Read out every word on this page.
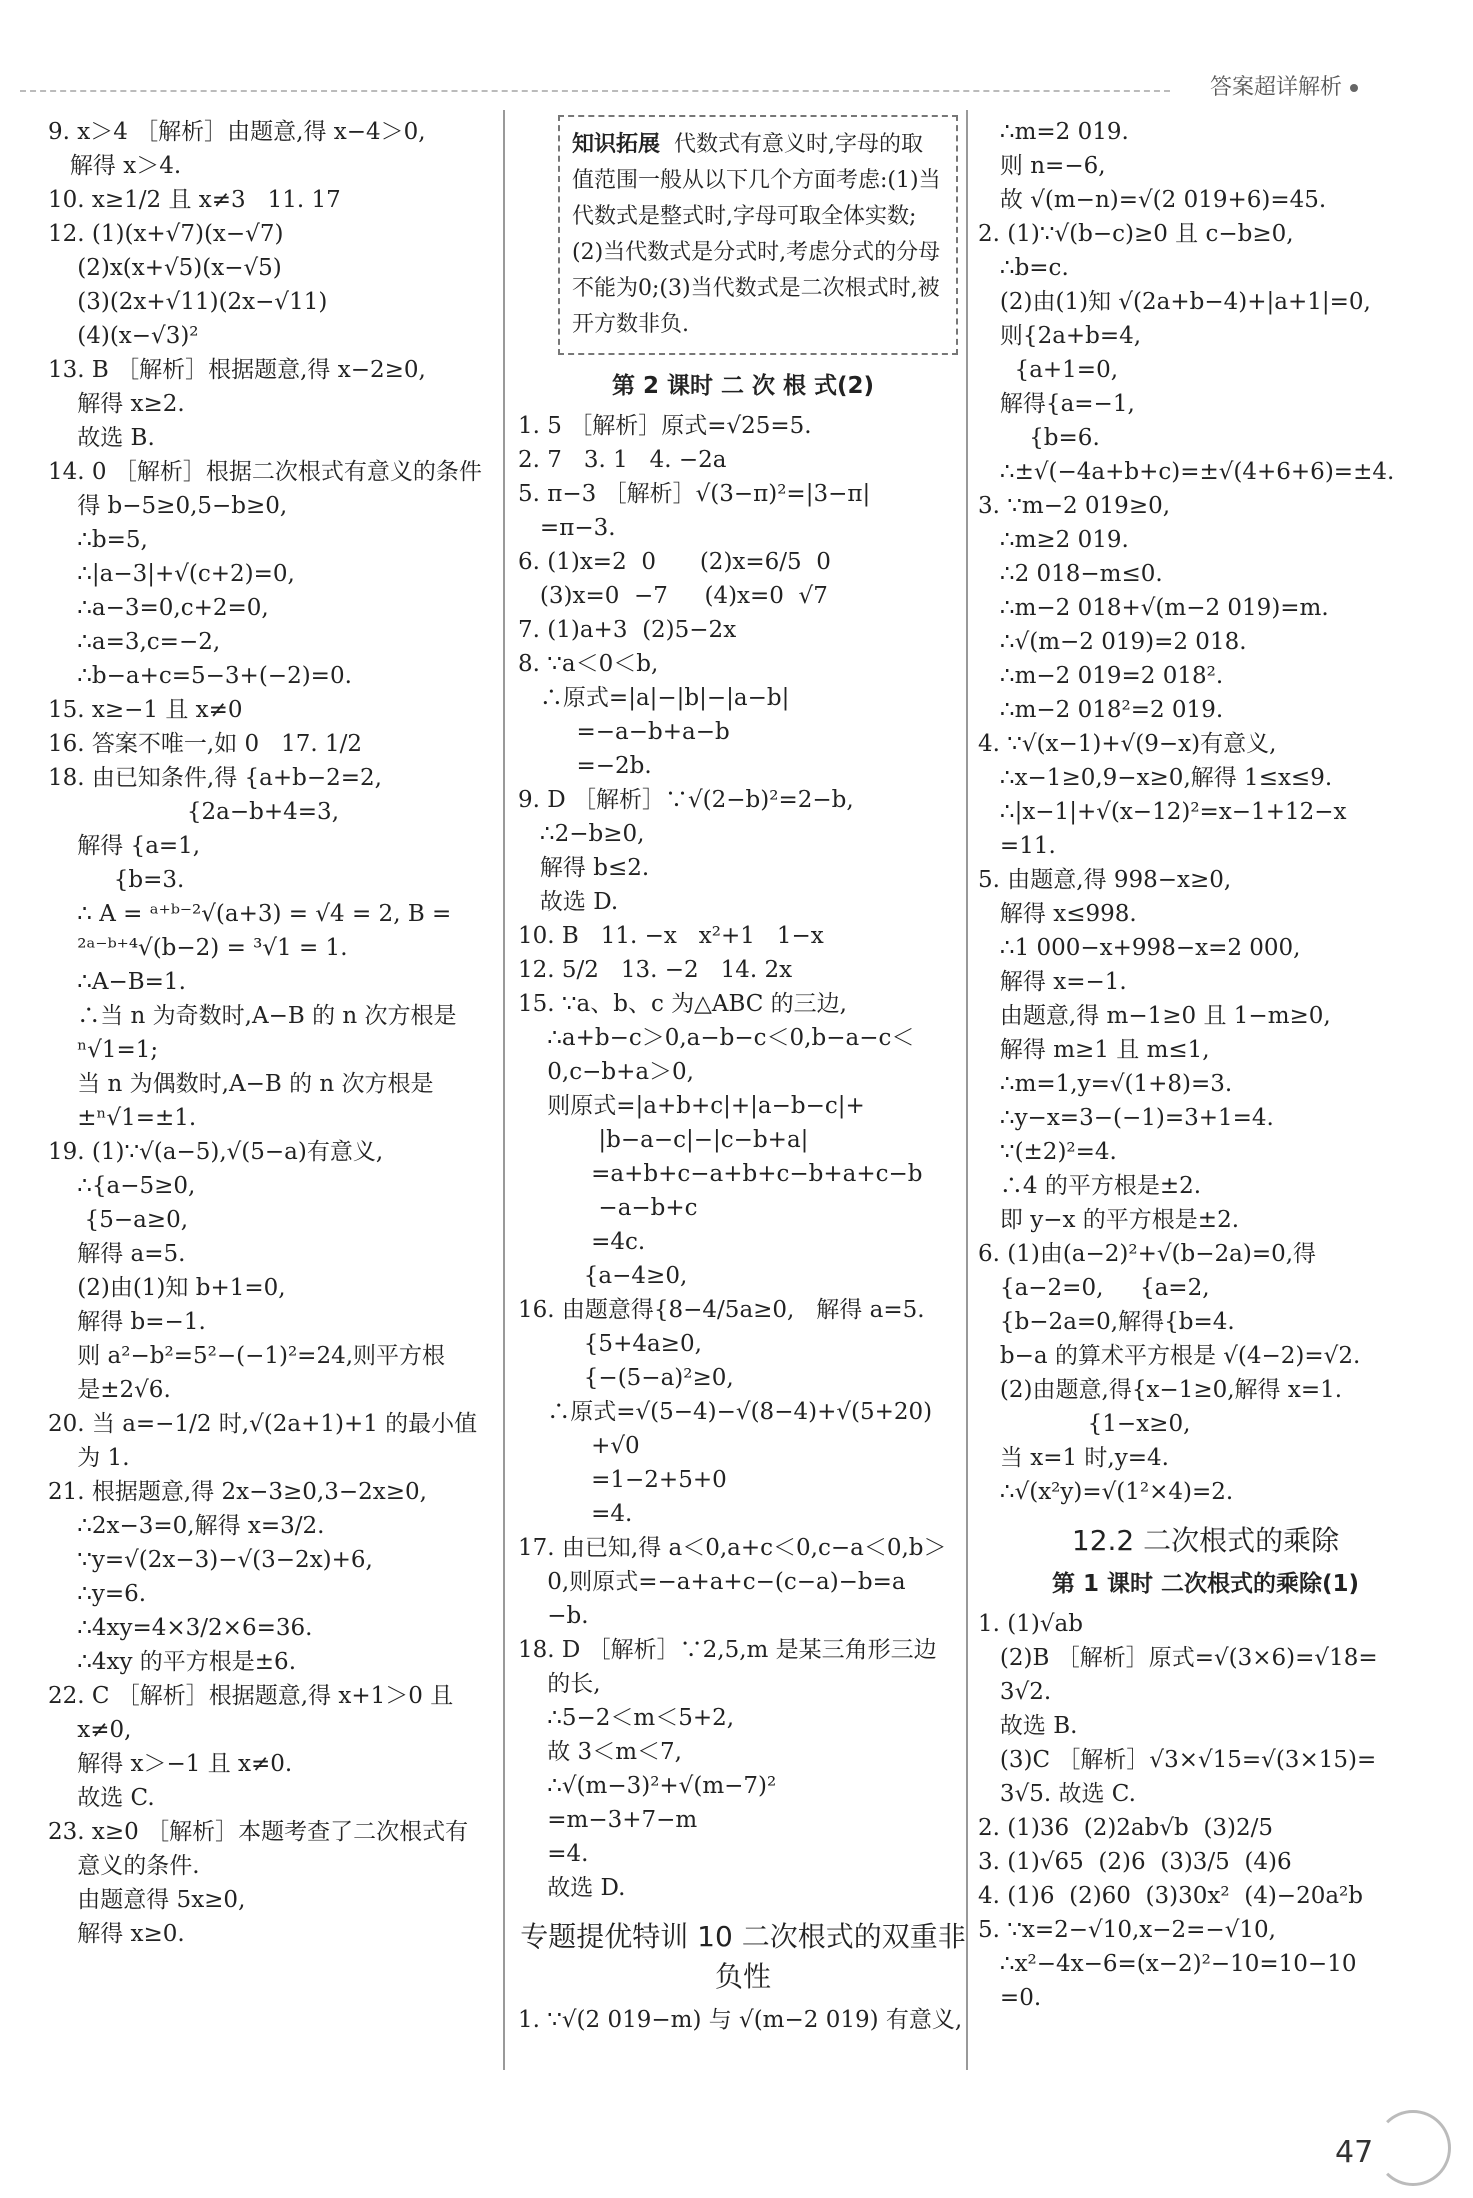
答案超详解析
9. x＞4 ［解析］由题意,得 x−4＞0,
解得 x＞4.
10. x≥1/2 且 x≠3   11. 17
12. (1)(x+√7)(x−√7)
(2)x(x+√5)(x−√5)
(3)(2x+√11)(2x−√11)
(4)(x−√3)²
13. B ［解析］根据题意,得 x−2≥0,
解得 x≥2.
故选 B.
14. 0 ［解析］根据二次根式有意义的条件
得 b−5≥0,5−b≥0,
∴b=5,
∴|a−3|+√(c+2)=0,
∴a−3=0,c+2=0,
∴a=3,c=−2,
∴b−a+c=5−3+(−2)=0.
15. x≥−1 且 x≠0
16. 答案不唯一,如 0   17. 1/2
18. 由已知条件,得 {a+b−2=2,
{2a−b+4=3,
解得 {a=1,
{b=3.
∴ A = ᵃ⁺ᵇ⁻²√(a+3) = √4 = 2, B =
²ᵃ⁻ᵇ⁺⁴√(b−2) = ³√1 = 1.
∴A−B=1.
∴当 n 为奇数时,A−B 的 n 次方根是
ⁿ√1=1;
当 n 为偶数时,A−B 的 n 次方根是
±ⁿ√1=±1.
19. (1)∵√(a−5),√(5−a)有意义,
∴{a−5≥0,
{5−a≥0,
解得 a=5.
(2)由(1)知 b+1=0,
解得 b=−1.
则 a²−b²=5²−(−1)²=24,则平方根
是±2√6.
20. 当 a=−1/2 时,√(2a+1)+1 的最小值
为 1.
21. 根据题意,得 2x−3≥0,3−2x≥0,
∴2x−3=0,解得 x=3/2.
∵y=√(2x−3)−√(3−2x)+6,
∴y=6.
∴4xy=4×3/2×6=36.
∴4xy 的平方根是±6.
22. C ［解析］根据题意,得 x+1＞0 且
x≠0,
解得 x＞−1 且 x≠0.
故选 C.
23. x≥0 ［解析］本题考查了二次根式有
意义的条件.
由题意得 5x≥0,
解得 x≥0.
知识拓展 代数式有意义时,字母的取值范围一般从以下几个方面考虑:(1)当代数式是整式时,字母可取全体实数;(2)当代数式是分式时,考虑分式的分母不能为0;(3)当代数式是二次根式时,被开方数非负.
第 2 课时 二 次 根 式(2)
1. 5 ［解析］原式=√25=5.
2. 7   3. 1   4. −2a
5. π−3 ［解析］√(3−π)²=|3−π|
=π−3.
6. (1)x=2  0      (2)x=6/5  0
(3)x=0  −7     (4)x=0  √7
7. (1)a+3  (2)5−2x
8. ∵a＜0＜b,
∴原式=|a|−|b|−|a−b|
=−a−b+a−b
=−2b.
9. D ［解析］∵√(2−b)²=2−b,
∴2−b≥0,
解得 b≤2.
故选 D.
10. B   11. −x   x²+1   1−x
12. 5/2   13. −2   14. 2x
15. ∵a、b、c 为△ABC 的三边,
∴a+b−c＞0,a−b−c＜0,b−a−c＜
0,c−b+a＞0,
则原式=|a+b+c|+|a−b−c|+
|b−a−c|−|c−b+a|
=a+b+c−a+b+c−b+a+c−b
−a−b+c
=4c.
{a−4≥0,
16. 由题意得{8−4/5a≥0,   解得 a=5.
{5+4a≥0,
{−(5−a)²≥0,
∴原式=√(5−4)−√(8−4)+√(5+20)
+√0
=1−2+5+0
=4.
17. 由已知,得 a＜0,a+c＜0,c−a＜0,b＞
0,则原式=−a+a+c−(c−a)−b=a
−b.
18. D ［解析］∵2,5,m 是某三角形三边
的长,
∴5−2＜m＜5+2,
故 3＜m＜7,
∴√(m−3)²+√(m−7)²
=m−3+7−m
=4.
故选 D.
专题提优特训 10 二次根式的双重非负性
1. ∵√(2 019−m) 与 √(m−2 019) 有意义,
∴m=2 019.
则 n=−6,
故 √(m−n)=√(2 019+6)=45.
2. (1)∵√(b−c)≥0 且 c−b≥0,
∴b=c.
(2)由(1)知 √(2a+b−4)+|a+1|=0,
则{2a+b=4,
{a+1=0,
解得{a=−1,
{b=6.
∴±√(−4a+b+c)=±√(4+6+6)=±4.
3. ∵m−2 019≥0,
∴m≥2 019.
∴2 018−m≤0.
∴m−2 018+√(m−2 019)=m.
∴√(m−2 019)=2 018.
∴m−2 019=2 018².
∴m−2 018²=2 019.
4. ∵√(x−1)+√(9−x)有意义,
∴x−1≥0,9−x≥0,解得 1≤x≤9.
∴|x−1|+√(x−12)²=x−1+12−x
=11.
5. 由题意,得 998−x≥0,
解得 x≤998.
∴1 000−x+998−x=2 000,
解得 x=−1.
由题意,得 m−1≥0 且 1−m≥0,
解得 m≥1 且 m≤1,
∴m=1,y=√(1+8)=3.
∴y−x=3−(−1)=3+1=4.
∵(±2)²=4.
∴4 的平方根是±2.
即 y−x 的平方根是±2.
6. (1)由(a−2)²+√(b−2a)=0,得
{a−2=0,     {a=2,
{b−2a=0,解得{b=4.
b−a 的算术平方根是 √(4−2)=√2.
(2)由题意,得{x−1≥0,解得 x=1.
{1−x≥0,
当 x=1 时,y=4.
∴√(x²y)=√(1²×4)=2.
12.2 二次根式的乘除
第 1 课时 二次根式的乘除(1)
1. (1)√ab
(2)B ［解析］原式=√(3×6)=√18=
3√2.
故选 B.
(3)C ［解析］√3×√15=√(3×15)=
3√5. 故选 C.
2. (1)36  (2)2ab√b  (3)2/5
3. (1)√65  (2)6  (3)3/5  (4)6
4. (1)6  (2)60  (3)30x²  (4)−20a²b
5. ∵x=2−√10,x−2=−√10,
∴x²−4x−6=(x−2)²−10=10−10
=0.
47
